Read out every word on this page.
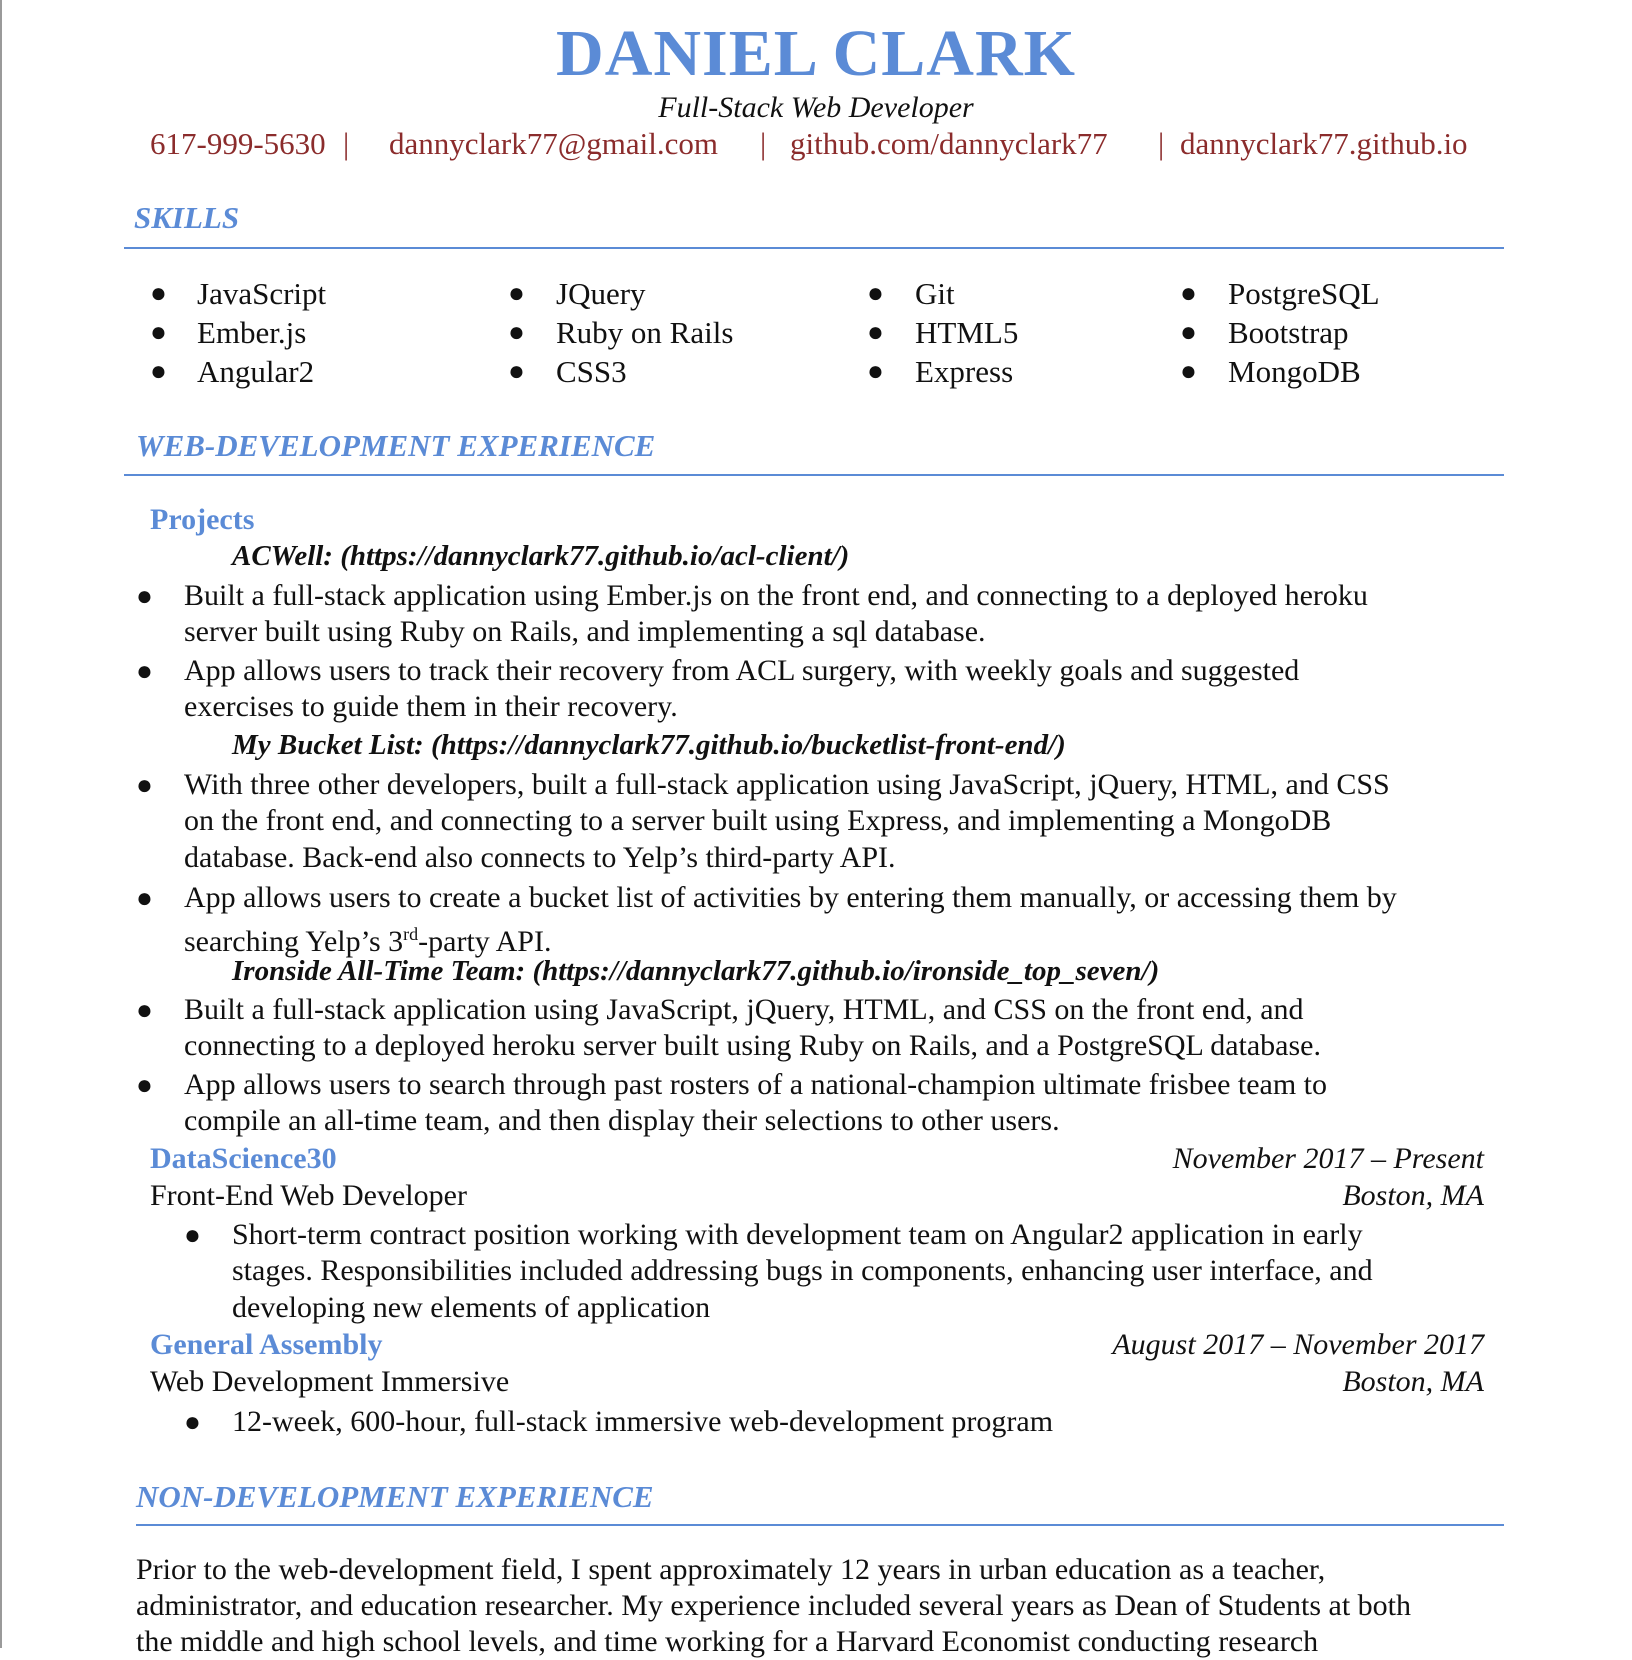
DANIEL CLARK
Full-Stack Web Developer
617-999-5630 | dannyclark77@gmail.com | github.com/dannyclark77 | dannyclark77.github.io
SKILLS
● JavaScript
● Ember.js
● Angular2
● JQuery
● Ruby on Rails
● CSS3
● Git
● HTML5
● Express
● PostgreSQL
● Bootstrap
● MongoDB
WEB-DEVELOPMENT EXPERIENCE
Projects
ACWell: (https://dannyclark77.github.io/acl-client/)
● Built a full-stack application using Ember.js on the front end, and connecting to a deployed heroku
server built using Ruby on Rails, and implementing a sql database.
● App allows users to track their recovery from ACL surgery, with weekly goals and suggested
exercises to guide them in their recovery.
My Bucket List: (https://dannyclark77.github.io/bucketlist-front-end/)
● With three other developers, built a full-stack application using JavaScript, jQuery, HTML, and CSS
on the front end, and connecting to a server built using Express, and implementing a MongoDB
database. Back-end also connects to Yelp’s third-party API.
● App allows users to create a bucket list of activities by entering them manually, or accessing them by
searching Yelp’s 3rd-party API.
Ironside All-Time Team: (https://dannyclark77.github.io/ironside_top_seven/)
● Built a full-stack application using JavaScript, jQuery, HTML, and CSS on the front end, and
connecting to a deployed heroku server built using Ruby on Rails, and a PostgreSQL database.
● App allows users to search through past rosters of a national-champion ultimate frisbee team to
compile an all-time team, and then display their selections to other users.
DataScience30	November 2017 – Present
Front-End Web Developer	Boston, MA
● Short-term contract position working with development team on Angular2 application in early
stages. Responsibilities included addressing bugs in components, enhancing user interface, and
developing new elements of application
General Assembly	August 2017 – November 2017
Web Development Immersive	Boston, MA
● 12-week, 600-hour, full-stack immersive web-development program
NON-DEVELOPMENT EXPERIENCE
Prior to the web-development field, I spent approximately 12 years in urban education as a teacher,
administrator, and education researcher. My experience included several years as Dean of Students at both
the middle and high school levels, and time working for a Harvard Economist conducting research
